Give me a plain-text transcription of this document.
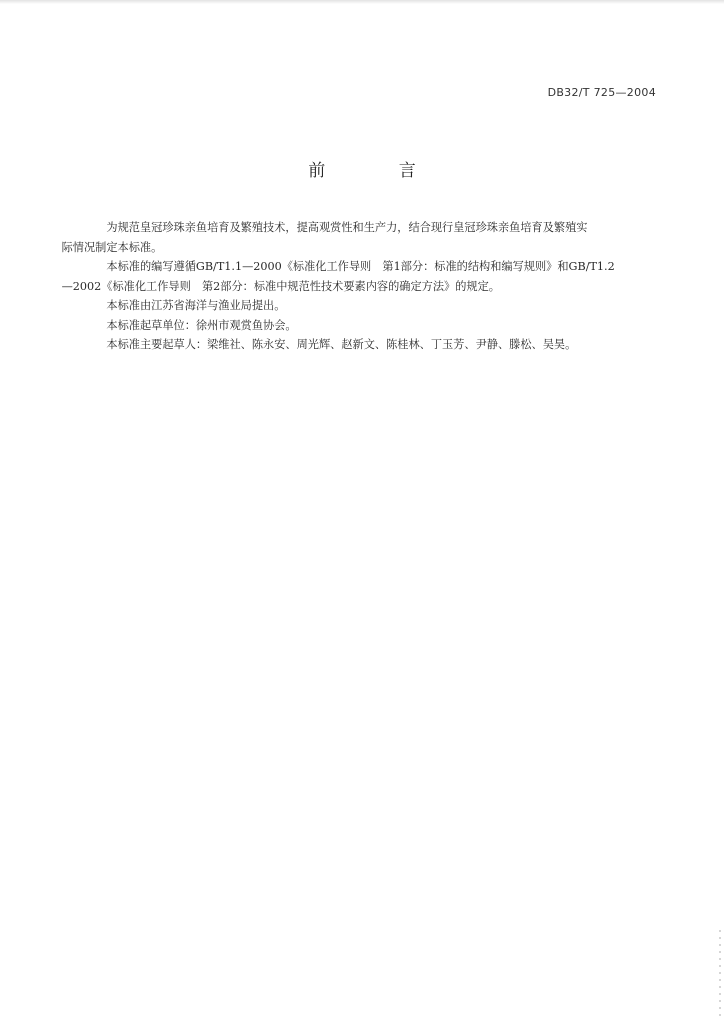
DB32/T 725—2004
前 言

为规范皇冠珍珠亲鱼培育及繁殖技术，提高观赏性和生产力，结合现行皇冠珍珠亲鱼培育及繁殖实
际情况制定本标准。

本标准的编写遵循GB/T1.1—2000《标准化工作导则　第1部分：标准的结构和编写规则》和GB/T1.2
—2002《标准化工作导则　第2部分：标准中规范性技术要素内容的确定方法》的规定。

本标准由江苏省海洋与渔业局提出。

本标准起草单位：徐州市观赏鱼协会。

本标准主要起草人：梁维社、陈永安、周光辉、赵新文、陈桂林、丁玉芳、尹静、滕松、吴昊。
